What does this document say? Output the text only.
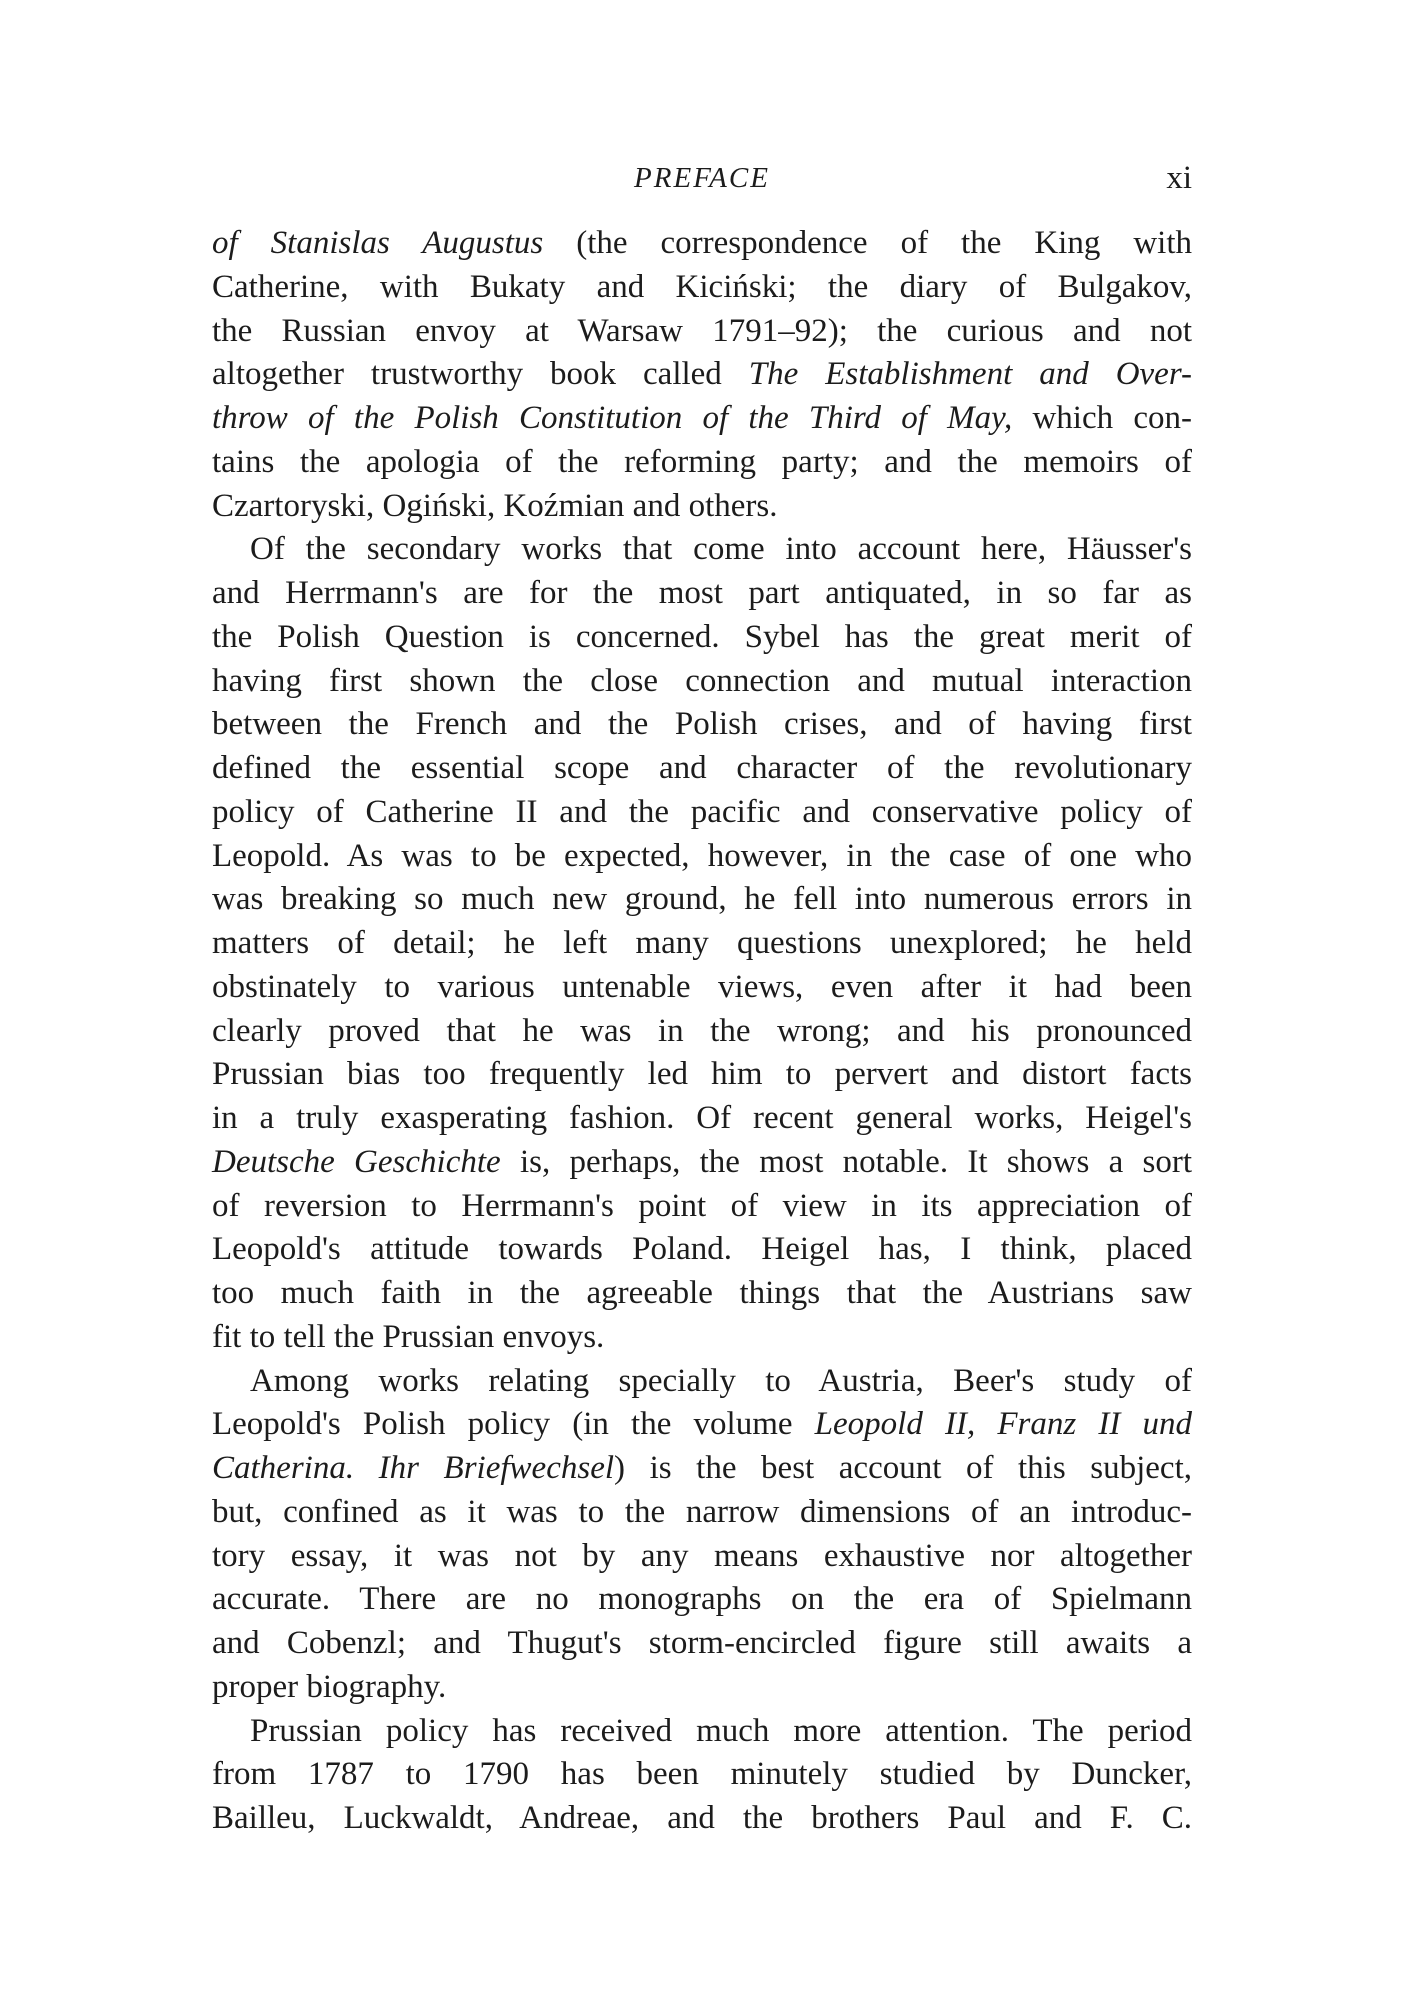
PREFACE	xi
of Stanislas Augustus (the correspondence of the King with
Catherine, with Bukaty and Kiciński; the diary of Bulgakov,
the Russian envoy at Warsaw 1791–92); the curious and not
altogether trustworthy book called The Establishment and Over-
throw of the Polish Constitution of the Third of May, which con-
tains the apologia of the reforming party; and the memoirs of
Czartoryski, Ogiński, Koźmian and others.
Of the secondary works that come into account here, Häusser's
and Herrmann's are for the most part antiquated, in so far as
the Polish Question is concerned. Sybel has the great merit of
having first shown the close connection and mutual interaction
between the French and the Polish crises, and of having first
defined the essential scope and character of the revolutionary
policy of Catherine II and the pacific and conservative policy of
Leopold. As was to be expected, however, in the case of one who
was breaking so much new ground, he fell into numerous errors in
matters of detail; he left many questions unexplored; he held
obstinately to various untenable views, even after it had been
clearly proved that he was in the wrong; and his pronounced
Prussian bias too frequently led him to pervert and distort facts
in a truly exasperating fashion. Of recent general works, Heigel's
Deutsche Geschichte is, perhaps, the most notable. It shows a sort
of reversion to Herrmann's point of view in its appreciation of
Leopold's attitude towards Poland. Heigel has, I think, placed
too much faith in the agreeable things that the Austrians saw
fit to tell the Prussian envoys.
Among works relating specially to Austria, Beer's study of
Leopold's Polish policy (in the volume Leopold II, Franz II und
Catherina. Ihr Briefwechsel) is the best account of this subject,
but, confined as it was to the narrow dimensions of an introduc-
tory essay, it was not by any means exhaustive nor altogether
accurate. There are no monographs on the era of Spielmann
and Cobenzl; and Thugut's storm-encircled figure still awaits a
proper biography.
Prussian policy has received much more attention. The period
from 1787 to 1790 has been minutely studied by Duncker,
Bailleu, Luckwaldt, Andreae, and the brothers Paul and F. C.
